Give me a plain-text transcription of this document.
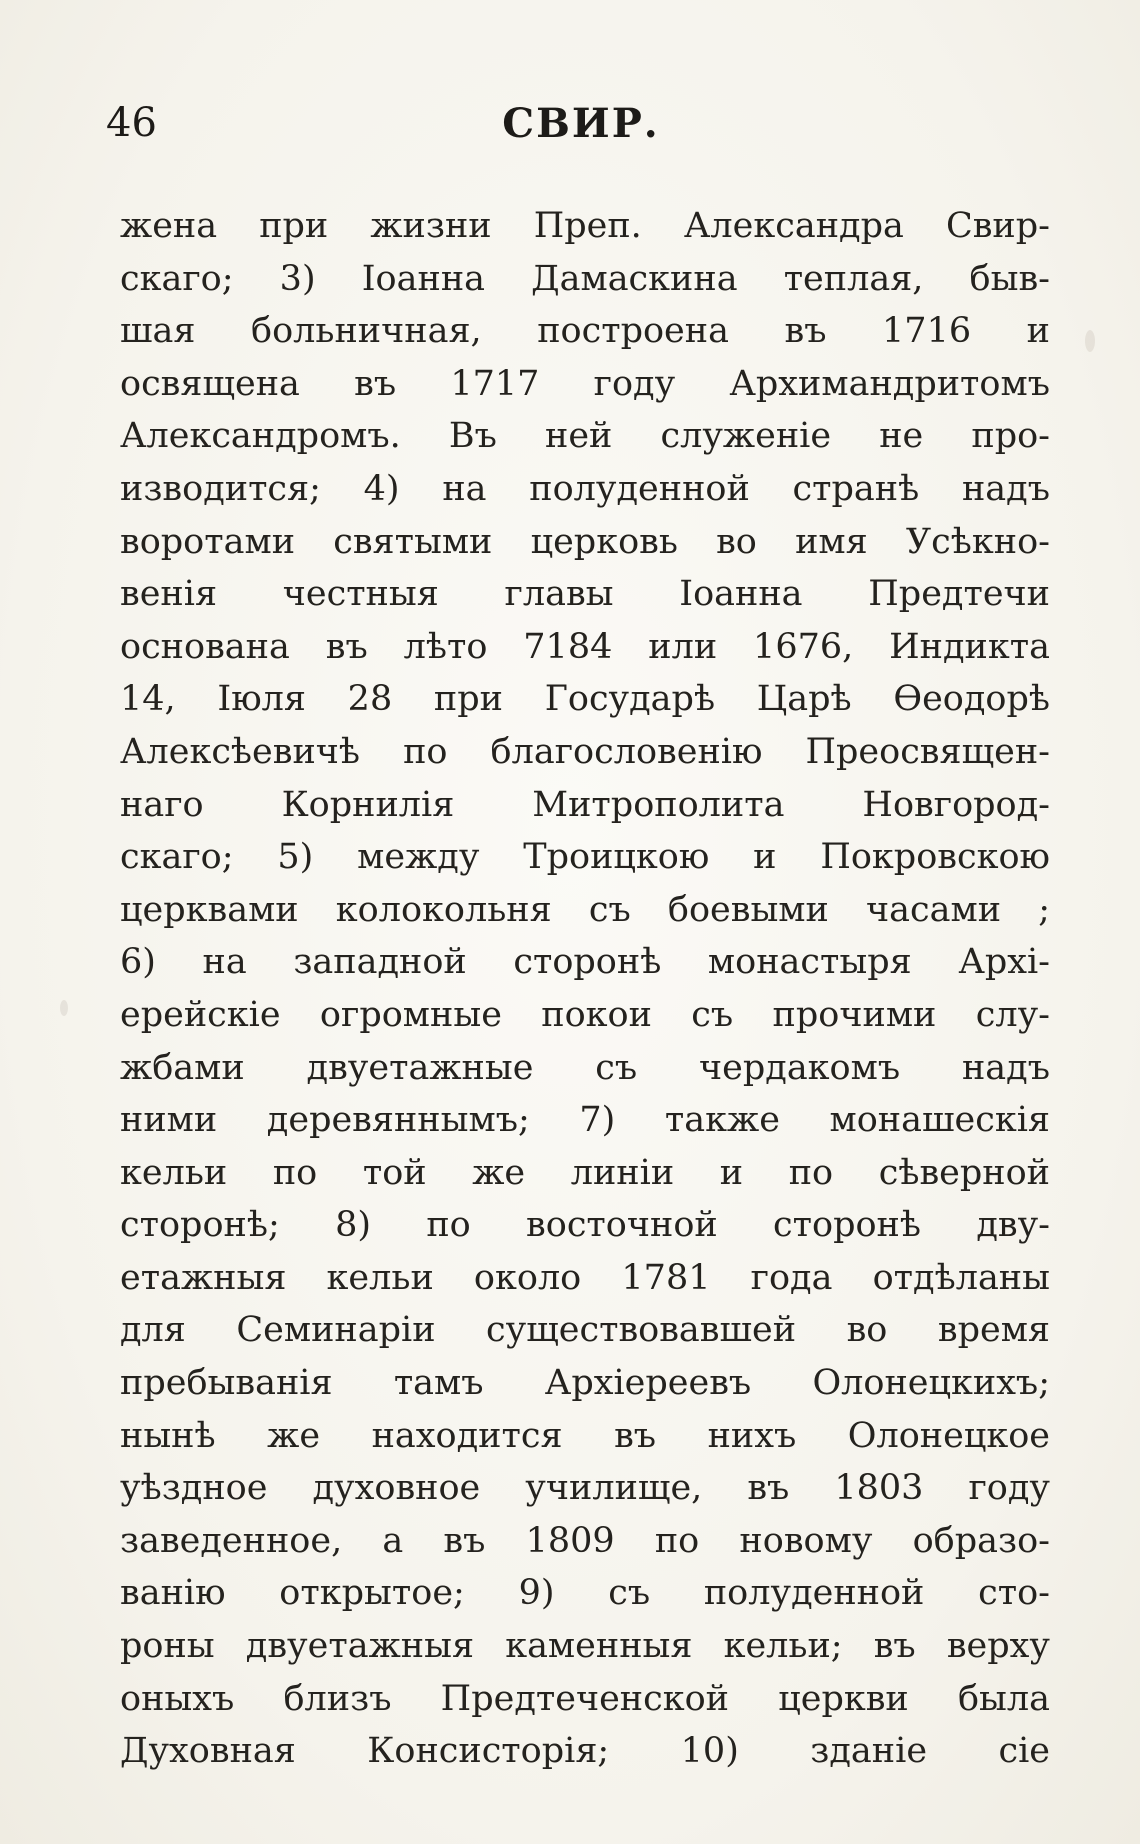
46	СВИР.
жена при жизни Преп. Александра Свир-
скаго; 3) Іоанна Дамаскина теплая, быв-
шая больничная, построена въ 1716 и
освящена въ 1717 году Архимандритомъ
Александромъ. Въ ней служеніе не про-
изводится; 4) на полуденной странѣ надъ
воротами святыми церковь во имя Усѣкно-
венія честныя главы Іоанна Предтечи
основана въ лѣто 7184 или 1676, Индикта
14, Іюля 28 при Государѣ Царѣ Ѳеодорѣ
Алексѣевичѣ по благословенію Преосвящен-
наго Корнилія Митрополита Новгород-
скаго; 5) между Троицкою и Покровскою
церквами колокольня съ боевыми часами ;
6) на западной сторонѣ монастыря Архі-
ерейскіе огромные покои съ прочими слу-
жбами двуетажные съ чердакомъ надъ
ними деревяннымъ; 7) также монашескія
кельи по той же линіи и по сѣверной
сторонѣ; 8) по восточной сторонѣ дву-
етажныя кельи около 1781 года отдѣланы
для Семинаріи существовавшей во время
пребыванія тамъ Архіереевъ Олонецкихъ;
нынѣ же находится въ нихъ Олонецкое
уѣздное духовное училище, въ 1803 году
заведенное, а въ 1809 по новому образо-
ванію открытое; 9) съ полуденной сто-
роны двуетажныя каменныя кельи; въ верху
оныхъ близъ Предтеченской церкви была
Духовная Консисторія; 10) зданіе сіе
